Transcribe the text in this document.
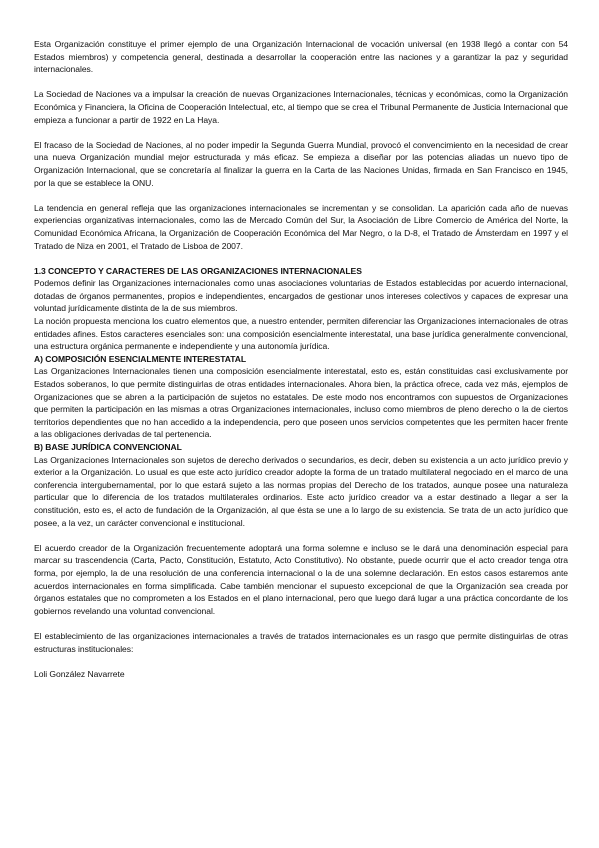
Esta Organización constituye el primer ejemplo de una Organización Internacional de vocación universal (en 1938 llegó a contar con 54 Estados miembros) y competencia general, destinada a desarrollar la cooperación entre las naciones y a garantizar la paz y seguridad internacionales.

La Sociedad de Naciones va a impulsar la creación de nuevas Organizaciones Internacionales, técnicas y económicas, como la Organización Económica y Financiera, la Oficina de Cooperación Intelectual, etc, al tiempo que se crea el Tribunal Permanente de Justicia Internacional que empieza a funcionar a partir de 1922 en La Haya.

El fracaso de la Sociedad de Naciones, al no poder impedir la Segunda Guerra Mundial, provocó el convencimiento en la necesidad de crear una nueva Organización mundial mejor estructurada y más eficaz. Se empieza a diseñar por las potencias aliadas un nuevo tipo de Organización Internacional, que se concretaría al finalizar la guerra en la Carta de las Naciones Unidas, firmada en San Francisco en 1945, por la que se establece la ONU.

La tendencia en general refleja que las organizaciones internacionales se incrementan y se consolidan. La aparición cada año de nuevas experiencias organizativas internacionales, como las de Mercado Común del Sur, la Asociación de Libre Comercio de América del Norte, la Comunidad Económica Africana, la Organización de Cooperación Económica del Mar Negro, o la D-8, el Tratado de Ámsterdam en 1997 y el Tratado de Niza en 2001, el Tratado de Lisboa de 2007.

1.3 CONCEPTO Y CARACTERES DE LAS ORGANIZACIONES INTERNACIONALES

Podemos definir las Organizaciones internacionales como unas asociaciones voluntarias de Estados establecidas por acuerdo internacional, dotadas de órganos permanentes, propios e independientes, encargados de gestionar unos intereses colectivos y capaces de expresar una voluntad jurídicamente distinta de la de sus miembros.

La noción propuesta menciona los cuatro elementos que, a nuestro entender, permiten diferenciar las Organizaciones internacionales de otras entidades afines. Estos caracteres esenciales son: una composición esencialmente interestatal, una base jurídica generalmente convencional, una estructura orgánica permanente e independiente y una autonomía jurídica.

A) COMPOSICIÓN ESENCIALMENTE INTERESTATAL

Las Organizaciones Internacionales tienen una composición esencialmente interestatal, esto es, están constituidas casi exclusivamente por Estados soberanos, lo que permite distinguirlas de otras entidades internacionales. Ahora bien, la práctica ofrece, cada vez más, ejemplos de Organizaciones que se abren a la participación de sujetos no estatales. De este modo nos encontramos con supuestos de Organizaciones que permiten la participación en las mismas a otras Organizaciones internacionales, incluso como miembros de pleno derecho o la de ciertos territorios dependientes que no han accedido a la independencia, pero que poseen unos servicios competentes que les permiten hacer frente a las obligaciones derivadas de tal pertenencia.

B) BASE JURÍDICA CONVENCIONAL

Las Organizaciones Internacionales son sujetos de derecho derivados o secundarios, es decir, deben su existencia a un acto jurídico previo y exterior a la Organización. Lo usual es que este acto jurídico creador adopte la forma de un tratado multilateral negociado en el marco de una conferencia intergubernamental, por lo que estará sujeto a las normas propias del Derecho de los tratados, aunque posee una naturaleza particular que lo diferencia de los tratados multilaterales ordinarios. Este acto jurídico creador va a estar destinado a llegar a ser la constitución, esto es, el acto de fundación de la Organización, al que ésta se une a lo largo de su existencia. Se trata de un acto jurídico que posee, a la vez, un carácter convencional e institucional.

El acuerdo creador de la Organización frecuentemente adoptará una forma solemne e incluso se le dará una denominación especial para marcar su trascendencia (Carta, Pacto, Constitución, Estatuto, Acto Constitutivo). No obstante, puede ocurrir que el acto creador tenga otra forma, por ejemplo, la de una resolución de una conferencia internacional o la de una solemne declaración. En estos casos estaremos ante acuerdos internacionales en forma simplificada. Cabe también mencionar el supuesto excepcional de que la Organización sea creada por órganos estatales que no comprometen a los Estados en el plano internacional, pero que luego dará lugar a una práctica concordante de los gobiernos revelando una voluntad convencional.

El establecimiento de las organizaciones internacionales a través de tratados internacionales es un rasgo que permite distinguirlas de otras estructuras institucionales:

Loli González Navarrete
